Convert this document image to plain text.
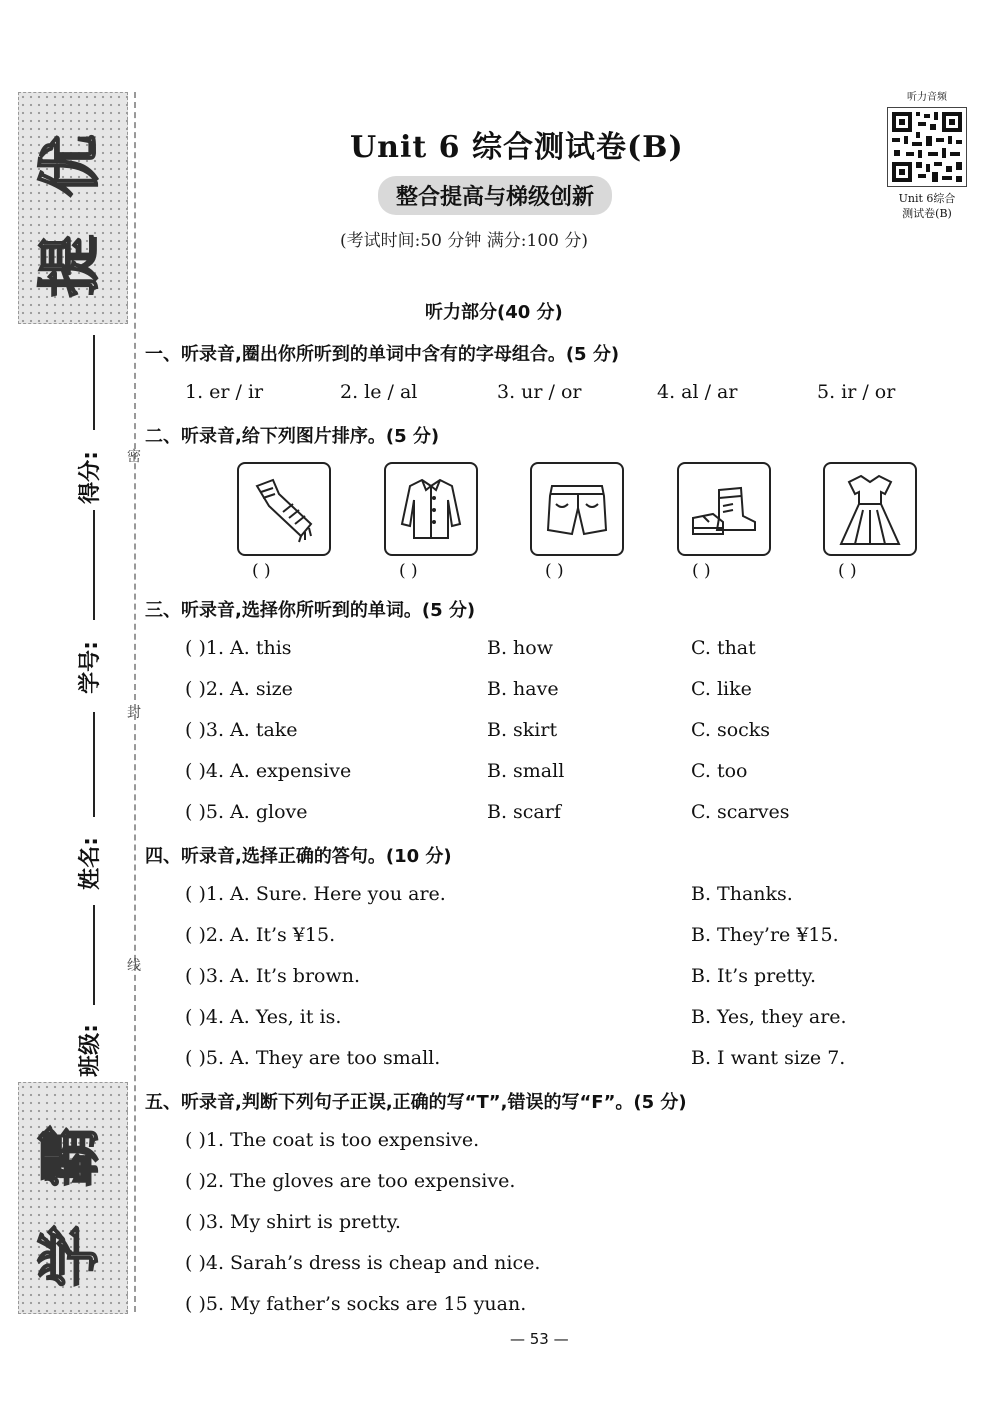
提
优
学
霸
得分:
学号:
姓名:
班级:
密
封
线
Unit 6 综合测试卷(B)
整合提高与梯级创新
(考试时间:50 分钟 满分:100 分)
听力音频
Unit 6综合
测试卷(B)
听力部分(40 分)
一、听录音,圈出你所听到的单词中含有的字母组合。(5 分)
1. er / ir	2. le / al	3. ur / or	4. al / ar	5. ir / or
二、听录音,给下列图片排序。(5 分)
( )	( )	( )	( )	( )
三、听录音,选择你所听到的单词。(5 分)
( )1. A. this	B. how	C. that
( )2. A. size	B. have	C. like
( )3. A. take	B. skirt	C. socks
( )4. A. expensive	B. small	C. too
( )5. A. glove	B. scarf	C. scarves
四、听录音,选择正确的答句。(10 分)
( )1. A. Sure. Here you are.	B. Thanks.
( )2. A. It’s ¥15.	B. They’re ¥15.
( )3. A. It’s brown.	B. It’s pretty.
( )4. A. Yes, it is.	B. Yes, they are.
( )5. A. They are too small.	B. I want size 7.
五、听录音,判断下列句子正误,正确的写“T”,错误的写“F”。(5 分)
( )1. The coat is too expensive.
( )2. The gloves are too expensive.
( )3. My shirt is pretty.
( )4. Sarah’s dress is cheap and nice.
( )5. My father’s socks are 15 yuan.
— 53 —
